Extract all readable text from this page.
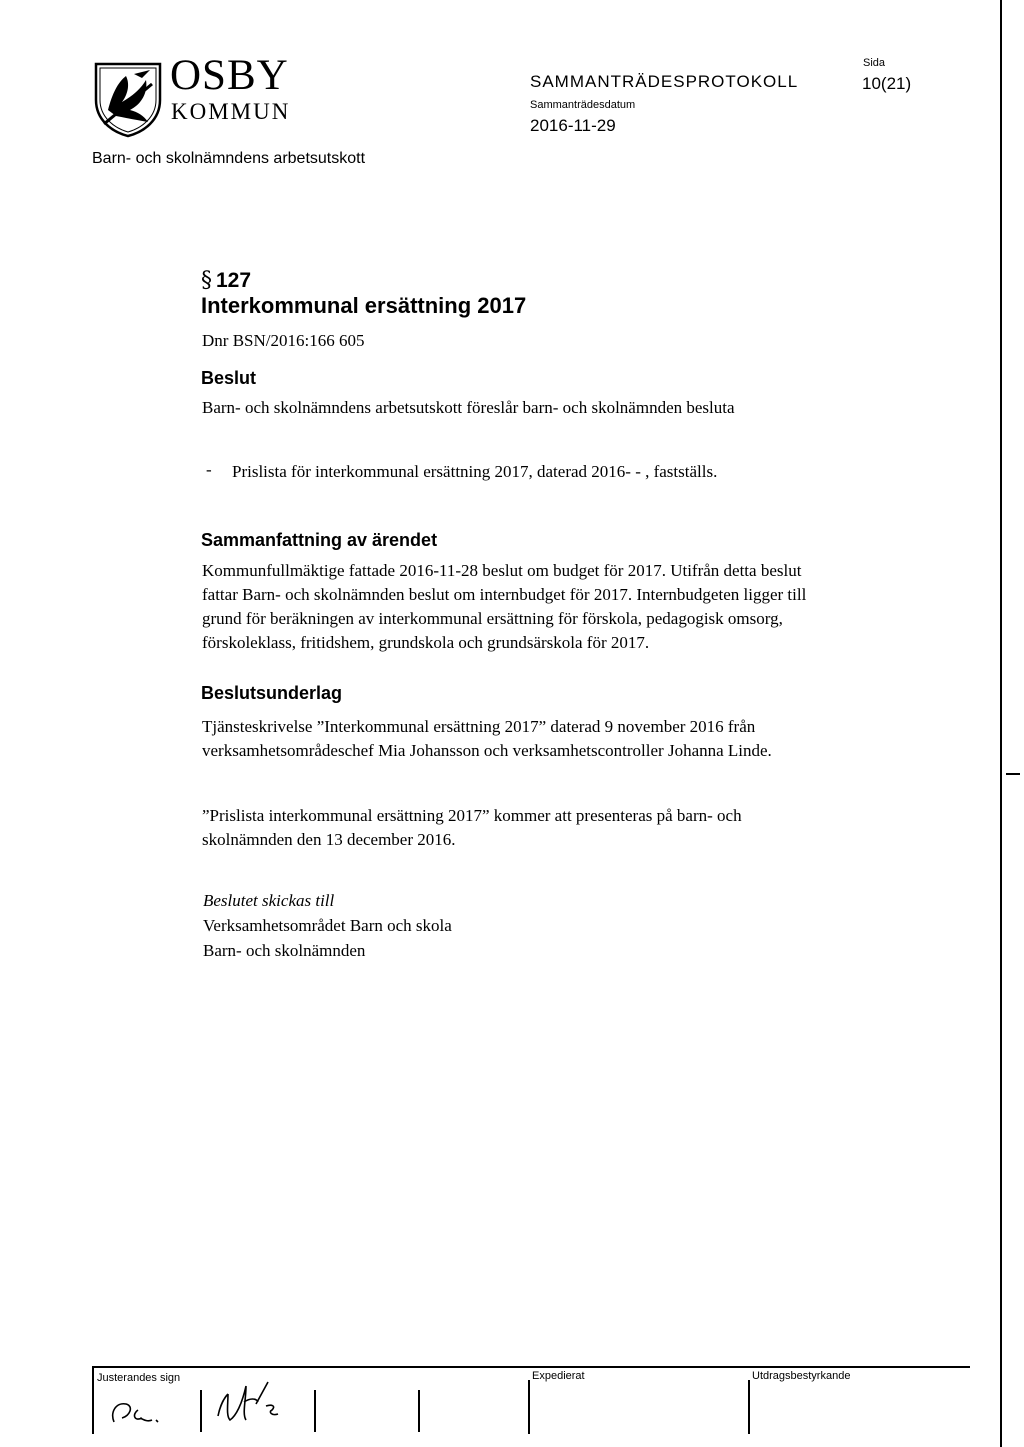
OSBY
KOMMUN
SAMMANTRÄDESPROTOKOLL
Sammanträdesdatum
2016-11-29
Sida
10(21)
Barn- och skolnämndens arbetsutskott
§ 127
Interkommunal ersättning 2017
Dnr BSN/2016:166 605
Beslut
Barn- och skolnämndens arbetsutskott föreslår barn- och skolnämnden besluta
- Prislista för interkommunal ersättning 2017, daterad 2016- - , fastställs.
Sammanfattning av ärendet
Kommunfullmäktige fattade 2016-11-28 beslut om budget för 2017. Utifrån detta beslut fattar Barn- och skolnämnden beslut om internbudget för 2017. Internbudgeten ligger till grund för beräkningen av interkommunal ersättning för förskola, pedagogisk omsorg, förskoleklass, fritidshem, grundskola och grundsärskola för 2017.
Beslutsunderlag
Tjänsteskrivelse ”Interkommunal ersättning 2017” daterad 9 november 2016 från verksamhetsområdeschef Mia Johansson och verksamhetscontroller Johanna Linde.
”Prislista interkommunal ersättning 2017” kommer att presenteras på barn- och skolnämnden den 13 december 2016.
Beslutet skickas till
Verksamhetsområdet Barn och skola
Barn- och skolnämnden
Justerandes sign	Expedierat	Utdragsbestyrkande
